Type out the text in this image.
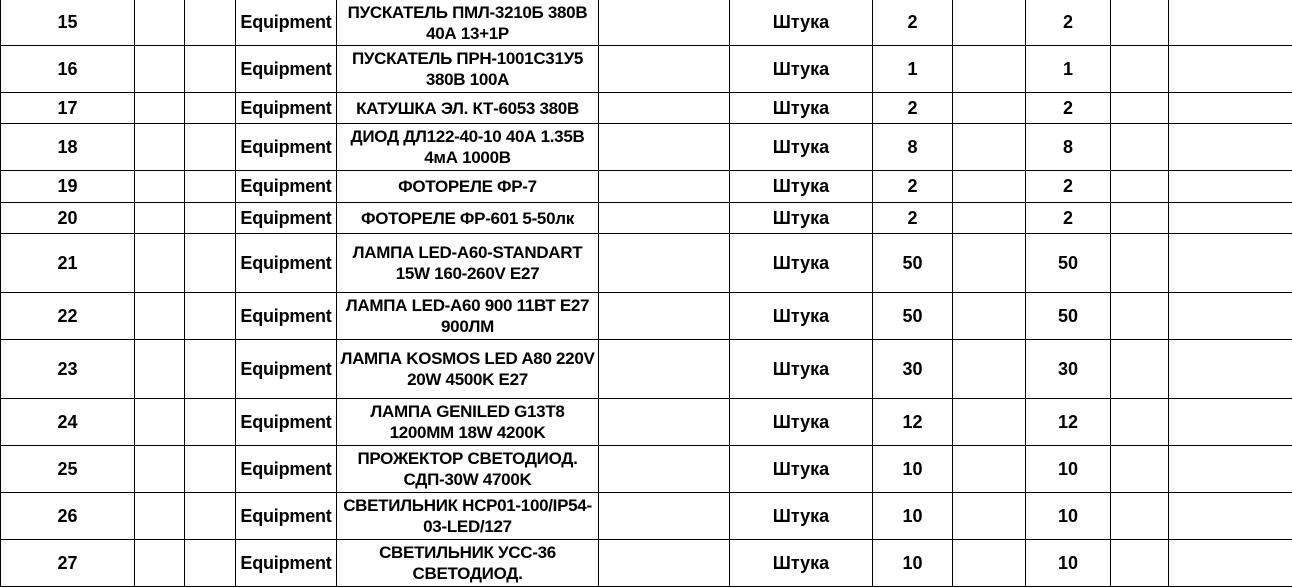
15			Equipment	ПУСКАТЕЛЬ ПМЛ-3210Б 380В 40А 13+1Р		Штука	2		2		
16			Equipment	ПУСКАТЕЛЬ ПРН-1001С31У5 380В 100А		Штука	1		1		
17			Equipment	КАТУШКА ЭЛ. КТ-6053 380В		Штука	2		2		
18			Equipment	ДИОД ДЛ122-40-10 40А 1.35В 4мА 1000В		Штука	8		8		
19			Equipment	ФОТОРЕЛЕ ФР-7		Штука	2		2		
20			Equipment	ФОТОРЕЛЕ ФР-601 5-50лк		Штука	2		2		
21			Equipment	ЛАМПА LED-A60-STANDART 15W 160-260V E27		Штука	50		50		
22			Equipment	ЛАМПА LED-A60 900 11ВТ E27 900ЛМ		Штука	50		50		
23			Equipment	ЛАМПА KOSMOS LED A80 220V 20W 4500K E27		Штука	30		30		
24			Equipment	ЛАМПА GENILED G13T8 1200MM 18W 4200K		Штука	12		12		
25			Equipment	ПРОЖЕКТОР СВЕТОДИОД. СДП-30W 4700K		Штука	10		10		
26			Equipment	СВЕТИЛЬНИК НСР01-100/IP54-03-LED/127		Штука	10		10		
27			Equipment	СВЕТИЛЬНИК УСС-36 СВЕТОДИОД.		Штука	10		10		
